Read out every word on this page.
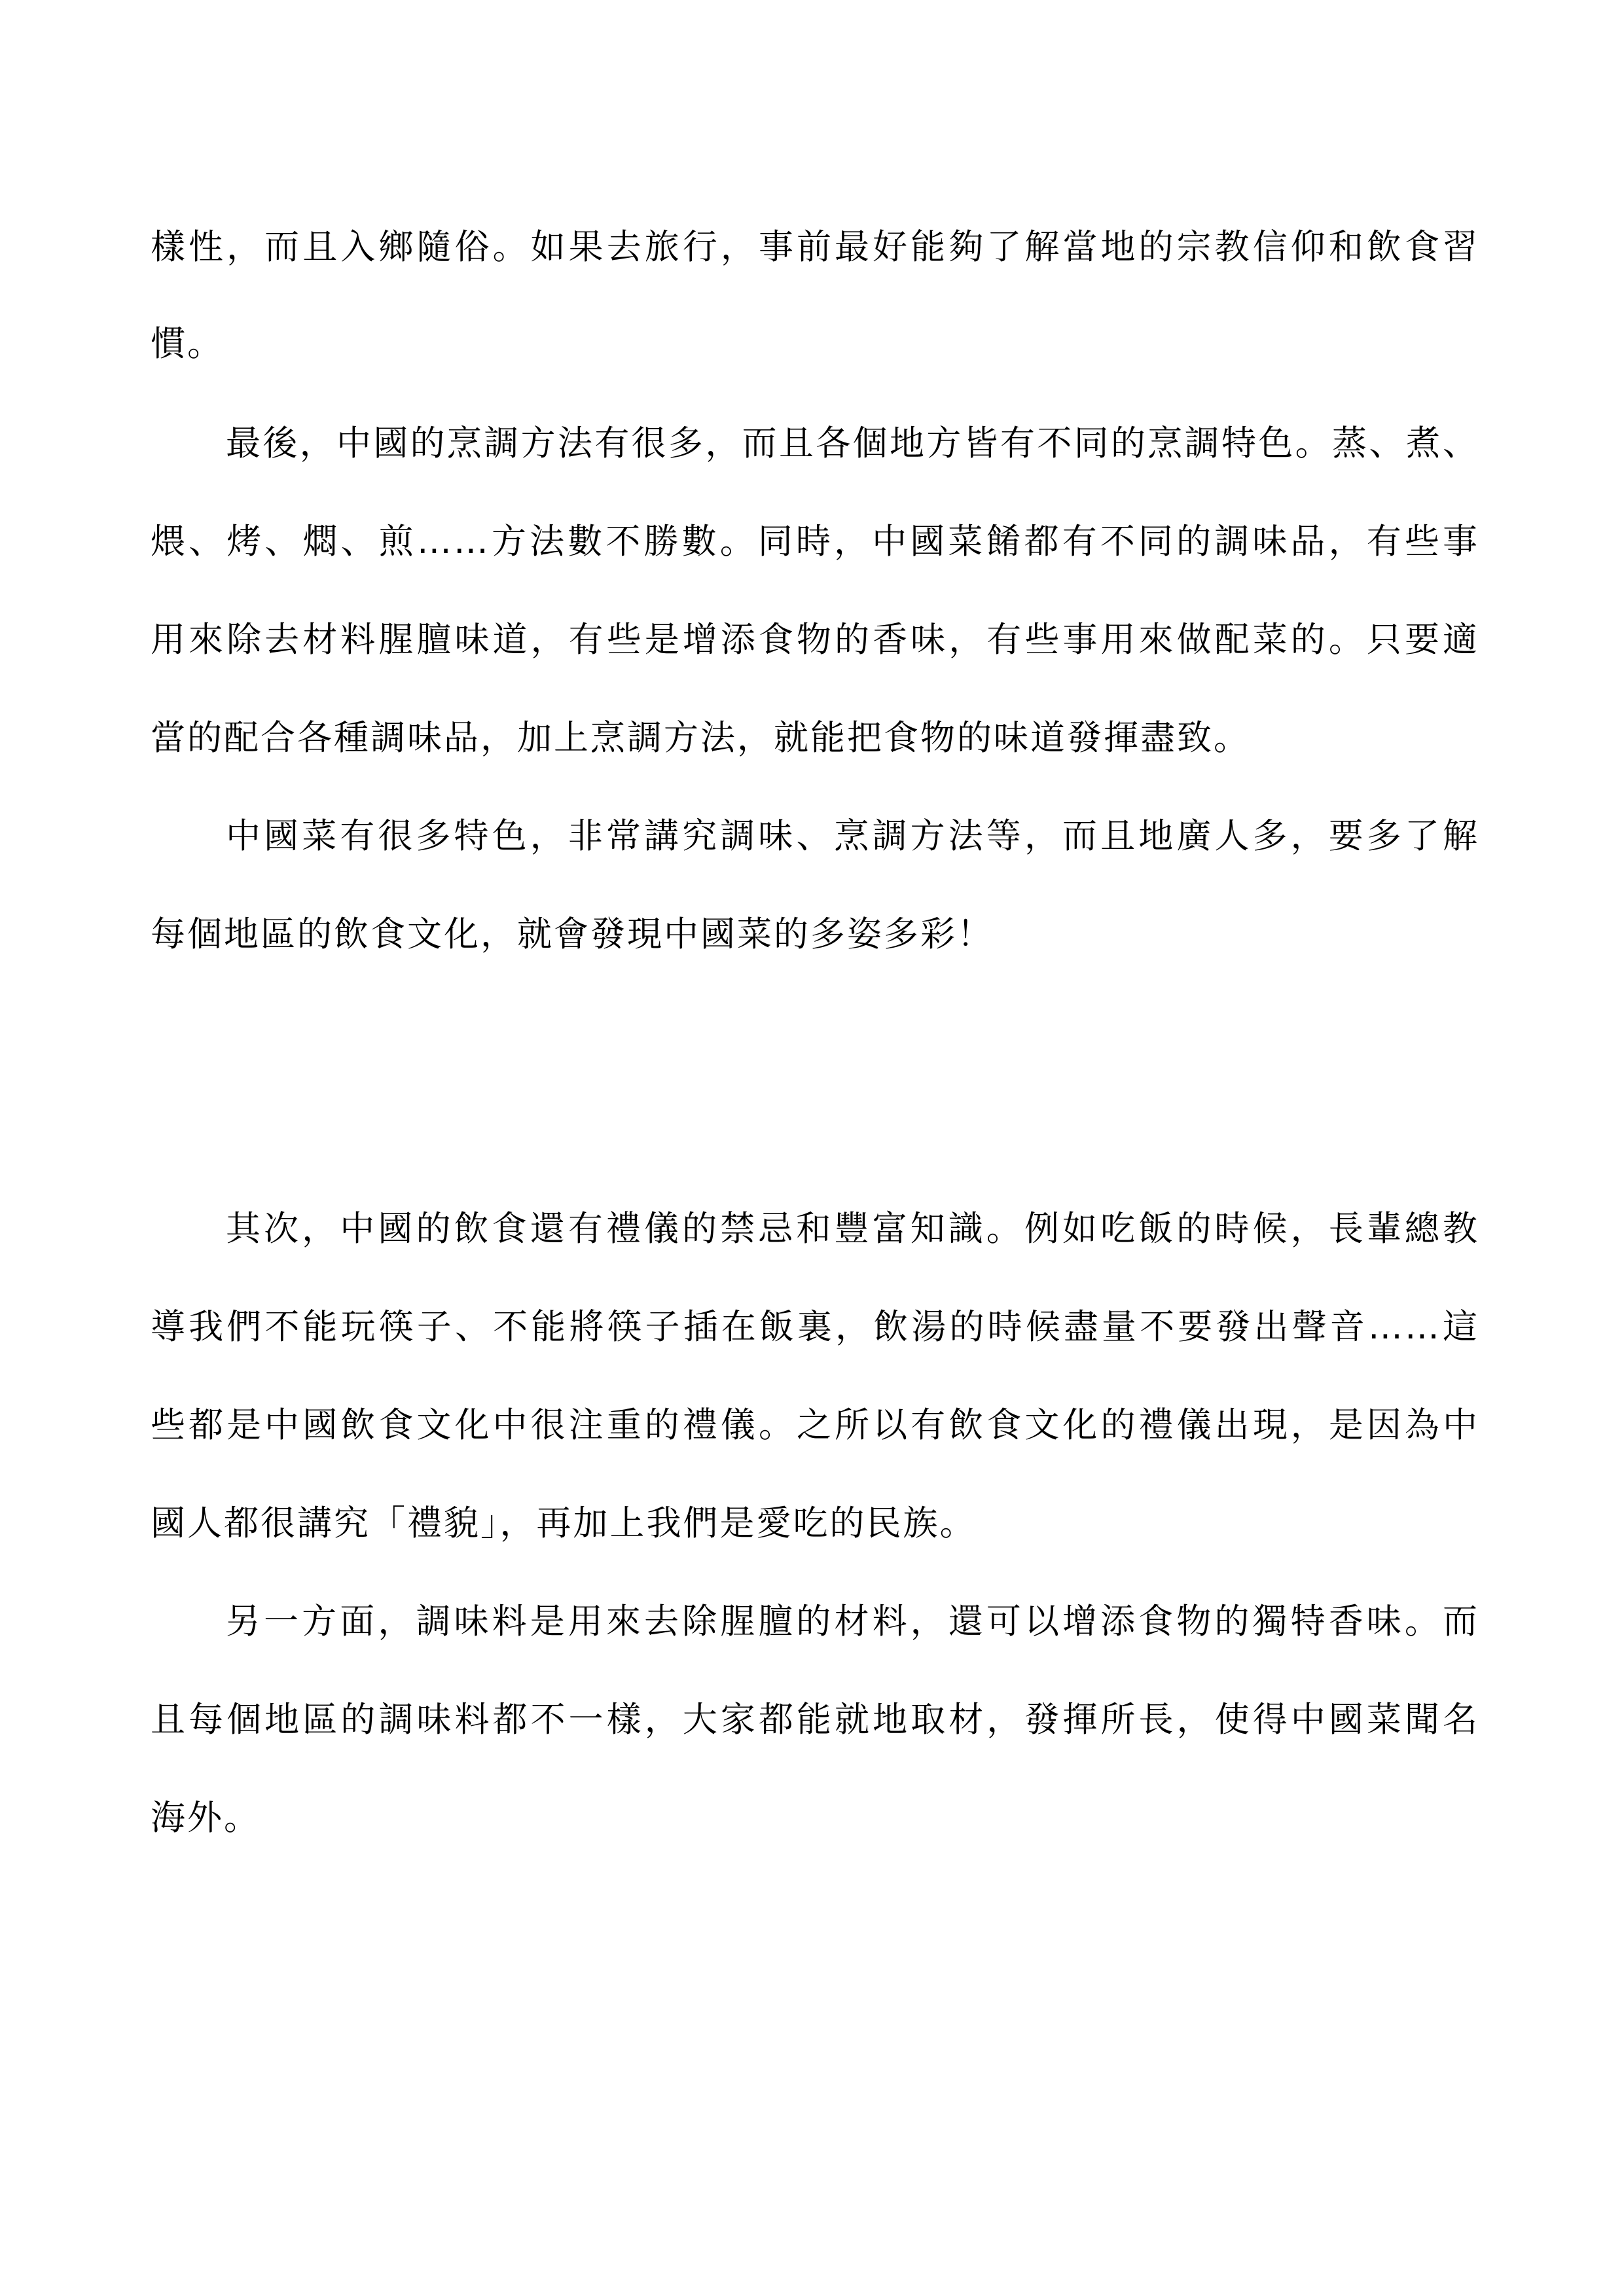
樣性，而且入鄉隨俗。如果去旅行，事前最好能夠了解當地的宗教信仰和飲食習
慣。
最後，中國的烹調方法有很多，而且各個地方皆有不同的烹調特色。蒸、煮、
煨、烤、燜、煎……方法數不勝數。同時，中國菜餚都有不同的調味品，有些事
用來除去材料腥膻味道，有些是增添食物的香味，有些事用來做配菜的。只要適
當的配合各種調味品，加上烹調方法，就能把食物的味道發揮盡致。
中國菜有很多特色，非常講究調味、烹調方法等，而且地廣人多，要多了解
每個地區的飲食文化，就會發現中國菜的多姿多彩！
其次，中國的飲食還有禮儀的禁忌和豐富知識。例如吃飯的時候，長輩總教
導我們不能玩筷子、不能將筷子插在飯裏，飲湯的時候盡量不要發出聲音……這
些都是中國飲食文化中很注重的禮儀。之所以有飲食文化的禮儀出現，是因為中
國人都很講究「禮貌」，再加上我們是愛吃的民族。
另一方面，調味料是用來去除腥膻的材料，還可以增添食物的獨特香味。而
且每個地區的調味料都不一樣，大家都能就地取材，發揮所長，使得中國菜聞名
海外。
